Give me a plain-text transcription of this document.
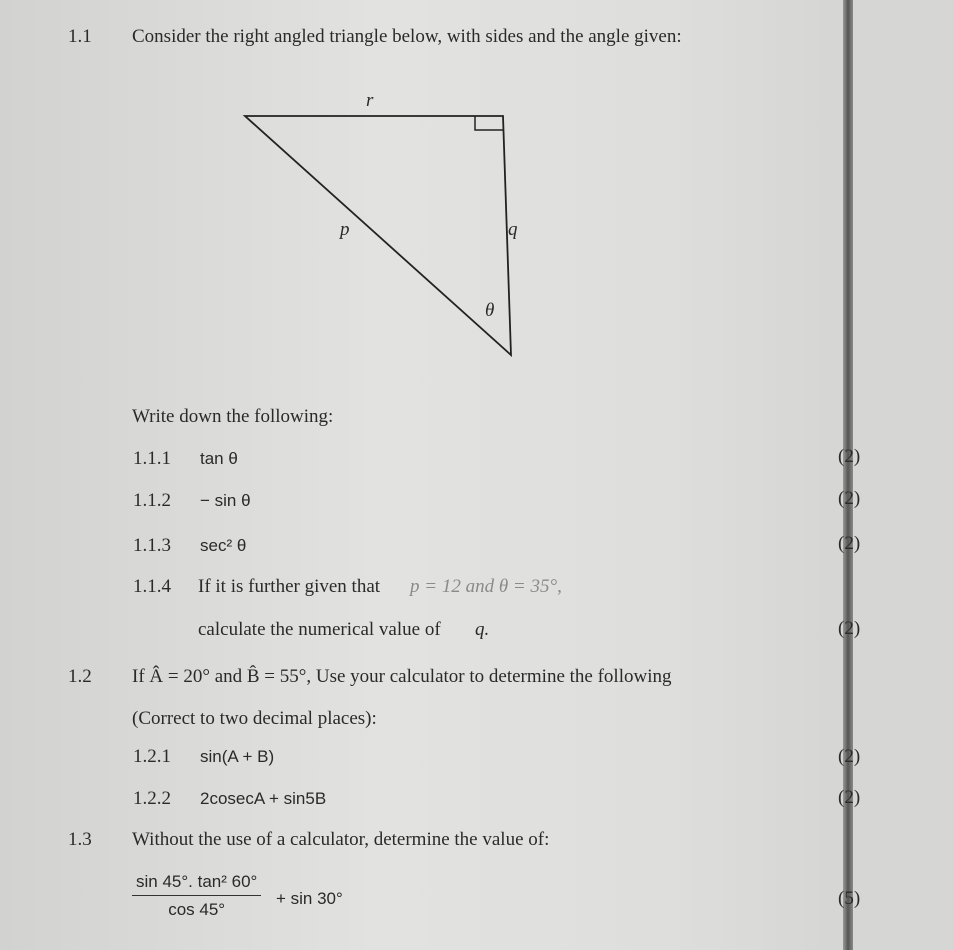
1.1 Consider the right angled triangle below, with sides and the angle given:
r
p	q
θ
Write down the following:
1.1.1 tan θ	(2)
1.1.2 − sin θ	(2)
1.1.3 sec² θ	(2)
1.1.4 If it is further given that p = 12 and θ = 35°,
calculate the numerical value of q.	(2)
1.2 If Â = 20° and B̂ = 55°, Use your calculator to determine the following
(Correct to two decimal places):
1.2.1 sin(A + B)	(2)
1.2.2 2cosecA + sin5B	(2)
1.3 Without the use of a calculator, determine the value of:
$\frac{\text{sin 45°. tan² 60°}}{\cos 45^\circ} + \sin 30^\circ$	(5)
